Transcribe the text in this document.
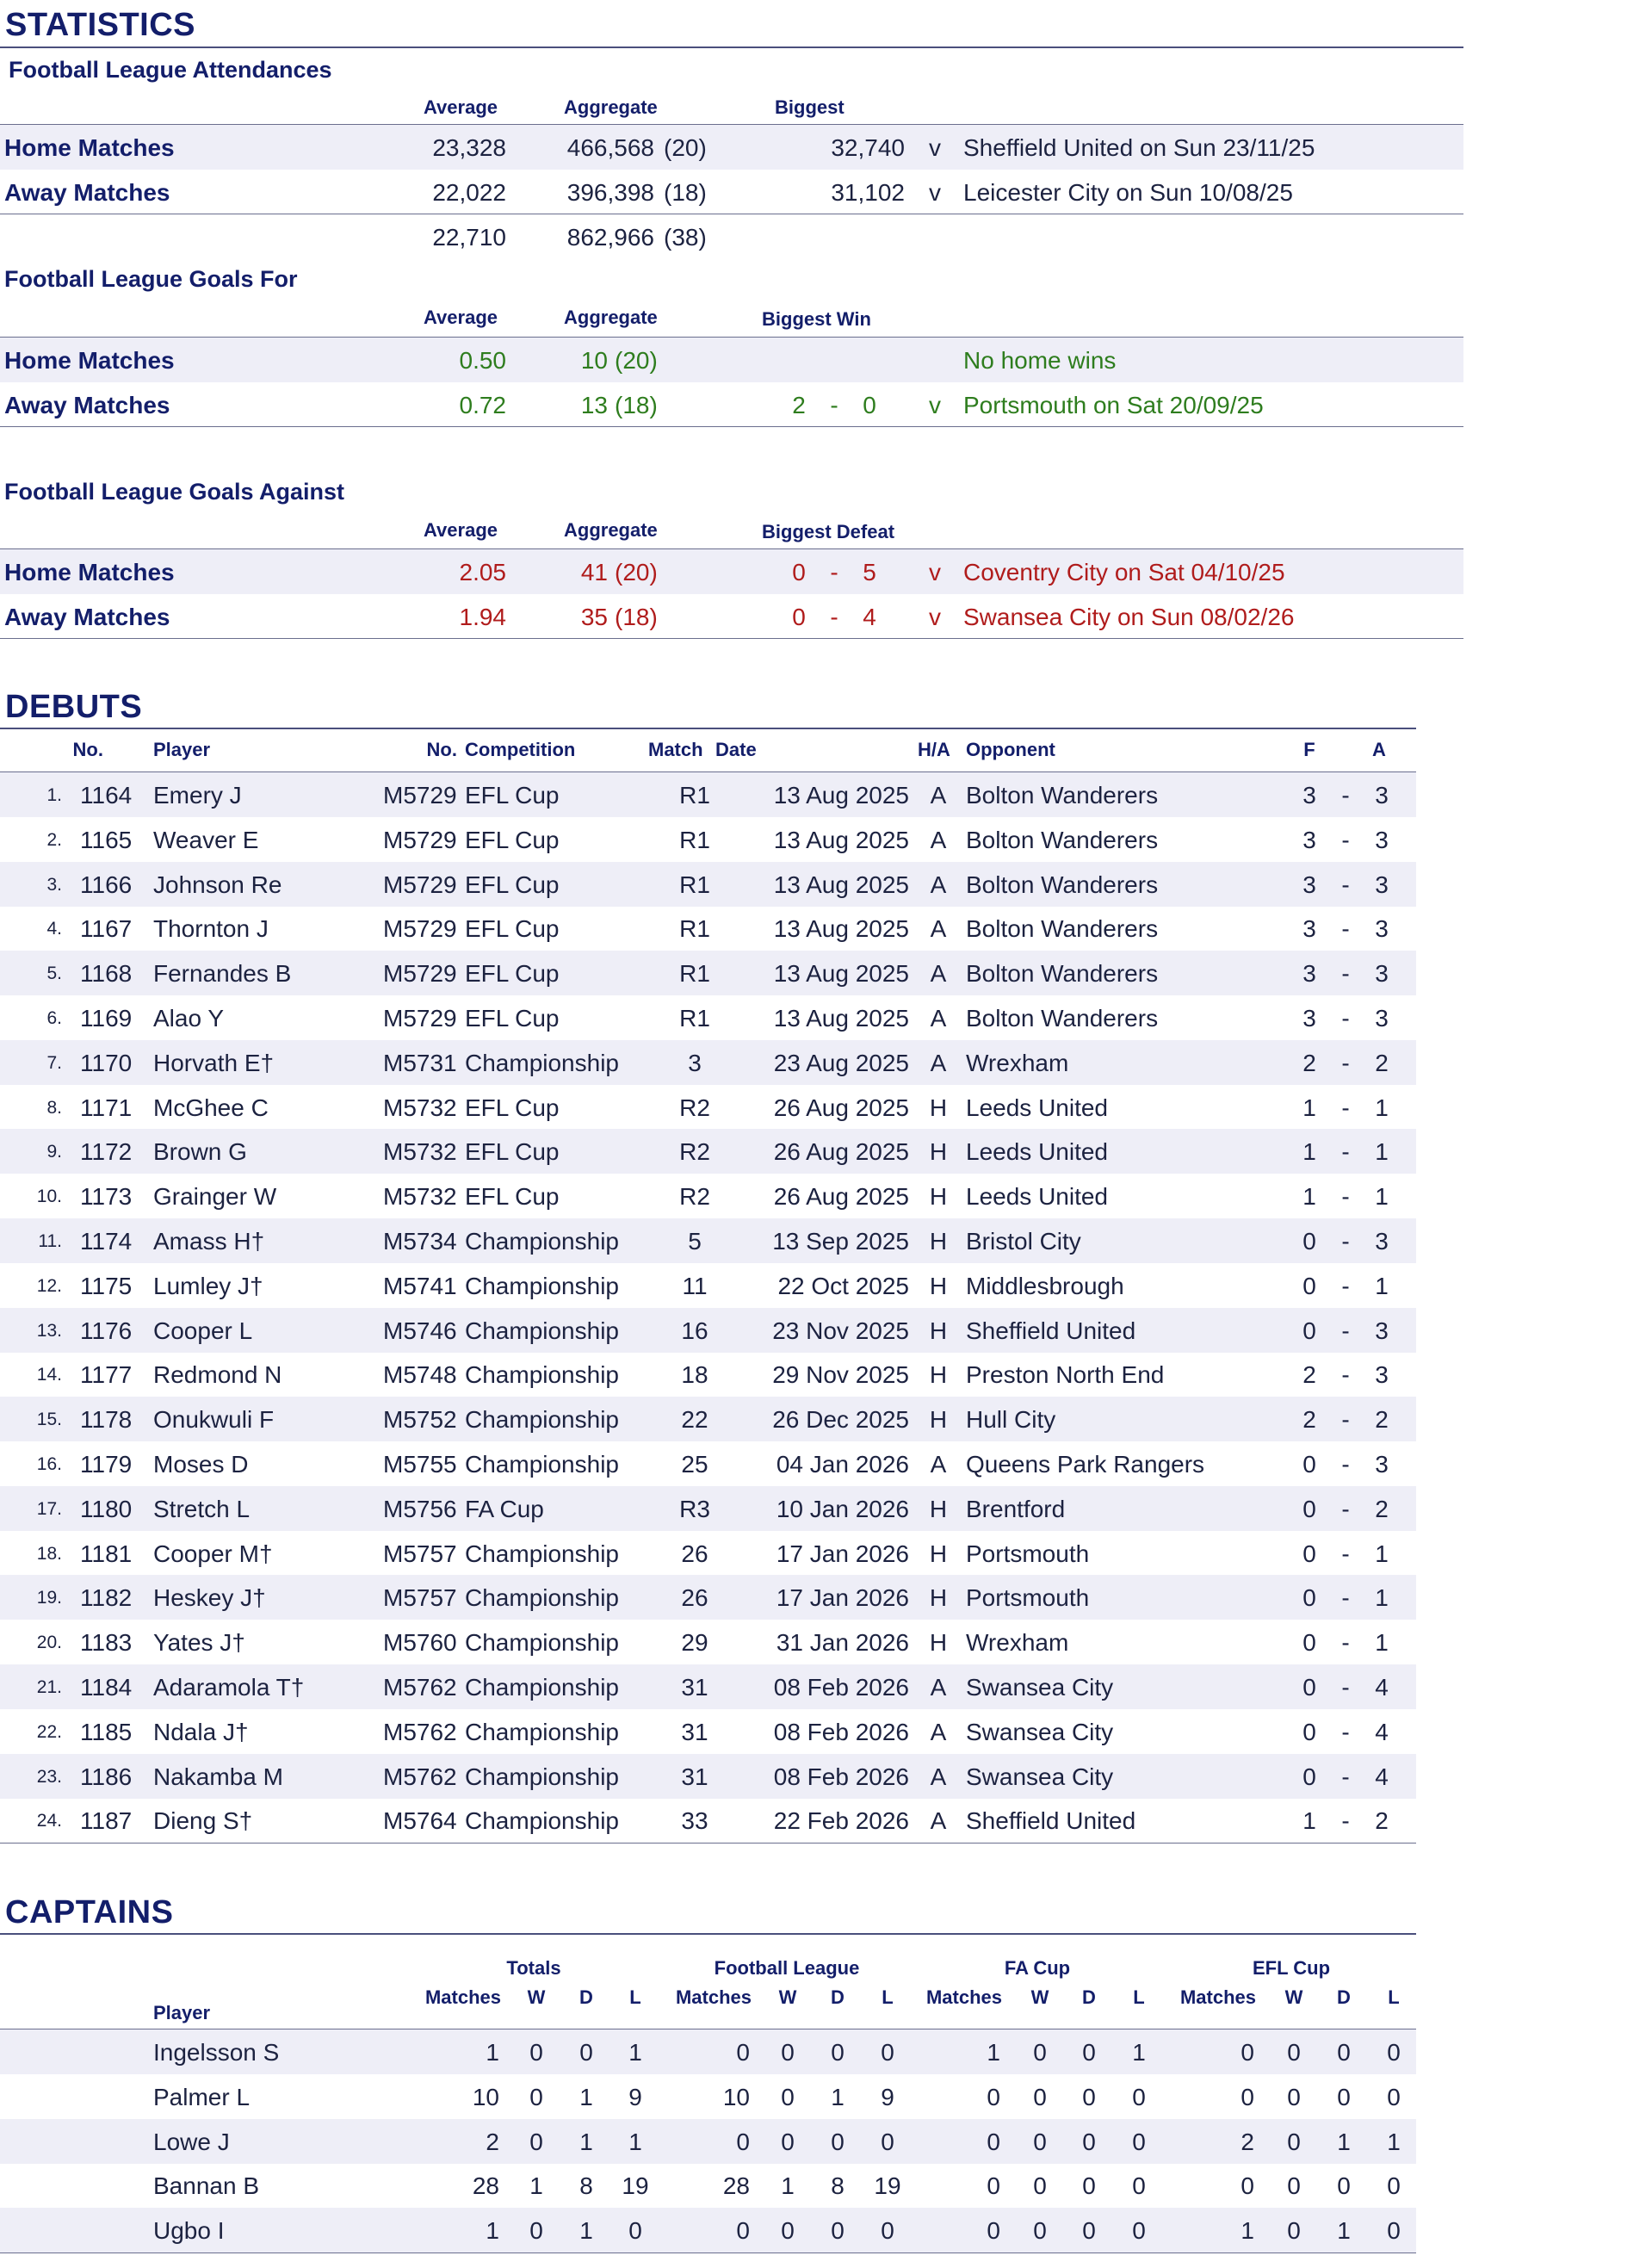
STATISTICS
Football League Attendances
Average	Aggregate	Biggest
Home Matches	23,328	466,568 (20)	32,740 v Sheffield United on Sun 23/11/25
Away Matches	22,022	396,398 (18)	31,102 v Leicester City on Sun 10/08/25
22,710	862,966 (38)
Football League Goals For
Average	Aggregate	Biggest Win
Home Matches	0.50	10 (20)	No home wins
Away Matches	0.72	13 (18)	2	-	0	v Portsmouth on Sat 20/09/25
Football League Goals Against
Average	Aggregate	Biggest Defeat
Home Matches	2.05	41 (20)	0	-	5	v Coventry City on Sat 04/10/25
Away Matches	1.94	35 (18)	0	-	4	v Swansea City on Sun 08/02/26
DEBUTS
No.	Player	No. Competition	Match Date	H/A Opponent	F	A
1. 1164 Emery J	M5729 EFL Cup	R1	13 Aug 2025 A Bolton Wanderers	3	-	3
2. 1165 Weaver E	M5729 EFL Cup	R1	13 Aug 2025 A Bolton Wanderers	3	-	3
3. 1166 Johnson Re	M5729 EFL Cup	R1	13 Aug 2025 A Bolton Wanderers	3	-	3
4. 1167 Thornton J	M5729 EFL Cup	R1	13 Aug 2025 A Bolton Wanderers	3	-	3
5. 1168 Fernandes B	M5729 EFL Cup	R1	13 Aug 2025 A Bolton Wanderers	3	-	3
6. 1169 Alao Y	M5729 EFL Cup	R1	13 Aug 2025 A Bolton Wanderers	3	-	3
7. 1170 Horvath E†	M5731 Championship	3	23 Aug 2025 A Wrexham	2	-	2
8. 1171 McGhee C	M5732 EFL Cup	R2	26 Aug 2025 H Leeds United	1	-	1
9. 1172 Brown G	M5732 EFL Cup	R2	26 Aug 2025 H Leeds United	1	-	1
10. 1173 Grainger W	M5732 EFL Cup	R2	26 Aug 2025 H Leeds United	1	-	1
11. 1174 Amass H†	M5734 Championship	5	13 Sep 2025 H Bristol City	0	-	3
12. 1175 Lumley J†	M5741 Championship	11	22 Oct 2025 H Middlesbrough	0	-	1
13. 1176 Cooper L	M5746 Championship	16	23 Nov 2025 H Sheffield United	0	-	3
14. 1177 Redmond N	M5748 Championship	18	29 Nov 2025 H Preston North End	2	-	3
15. 1178 Onukwuli F	M5752 Championship	22	26 Dec 2025 H Hull City	2	-	2
16. 1179 Moses D	M5755 Championship	25	04 Jan 2026 A Queens Park Rangers	0	-	3
17. 1180 Stretch L	M5756 FA Cup	R3	10 Jan 2026 H Brentford	0	-	2
18. 1181 Cooper M†	M5757 Championship	26	17 Jan 2026 H Portsmouth	0	-	1
19. 1182 Heskey J†	M5757 Championship	26	17 Jan 2026 H Portsmouth	0	-	1
20. 1183 Yates J†	M5760 Championship	29	31 Jan 2026 H Wrexham	0	-	1
21. 1184 Adaramola T†	M5762 Championship	31	08 Feb 2026 A Swansea City	0	-	4
22. 1185 Ndala J†	M5762 Championship	31	08 Feb 2026 A Swansea City	0	-	4
23. 1186 Nakamba M	M5762 Championship	31	08 Feb 2026 A Swansea City	0	-	4
24. 1187 Dieng S†	M5764 Championship	33	22 Feb 2026 A Sheffield United	1	-	2
CAPTAINS
Totals	Football League	FA Cup	EFL Cup
Player
Matches	W	D	L	Matches	W	D	L	Matches	W	D	L	Matches	W	D	L
Ingelsson S	1	0	0	1	0	0	0	0	1	0	0	1	0	0	0	0
Palmer L	10	0	1	9	10	0	1	9	0	0	0	0	0	0	0	0
Lowe J	2	0	1	1	0	0	0	0	0	0	0	0	2	0	1	1
Bannan B	28	1	8	19	28	1	8	19	0	0	0	0	0	0	0	0
Ugbo I	1	0	1	0	0	0	0	0	0	0	0	0	1	0	1	0
